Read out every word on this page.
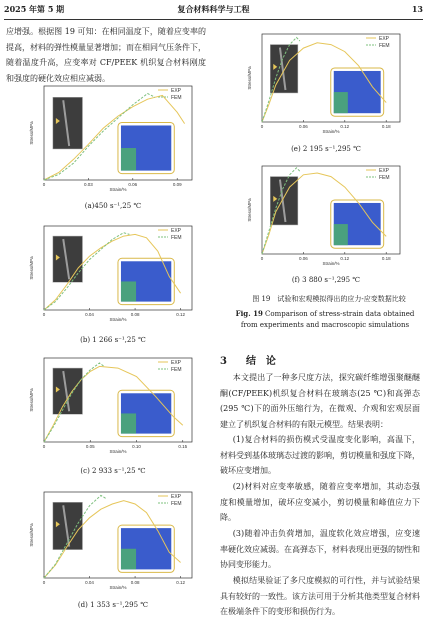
2025 年第 5 期	复合材料科学与工程	13
应增强。根据图 19 可知：在相同温度下，随着应变率的提高，材料的弹性模量显著增加；而在相同气压条件下，随着温度升高，应变率对 CF/PEEK 机织复合材料刚度和强度的硬化效应相应减弱。
Stress/MPa
Strain/%
0	0.03	0.06	0.09
EXP
FEM
(a)450 s⁻¹,25 ℃
Stress/MPa
Strain/%
0	0.04	0.08	0.12
EXP
FEM
(b) 1 266 s⁻¹,25 ℃
Stress/MPa
Strain/%
0	0.05	0.10	0.15
EXP
FEM
(c) 2 933 s⁻¹,25 ℃
Stress/MPa
Strain/%
0	0.04	0.08	0.12
EXP
FEM
(d) 1 353 s⁻¹,295 ℃
Stress/MPa
Strain/%
0	0.06	0.12	0.18
EXP
FEM
(e) 2 195 s⁻¹,295 ℃
Stress/MPa
Strain/%
0	0.06	0.12	0.18
EXP
FEM
(f) 3 880 s⁻¹,295 ℃
图 19　试验和宏观模拟得出的应力-应变数据比较
Fig. 19 Comparison of stress-strain data obtained from experiments and macroscopic simulations
3 结　论
本文提出了一种多尺度方法，探究碳纤维增强聚醚醚酮(CF/PEEK)机织复合材料在玻璃态(25 ℃)和高弹态(295 ℃)下的面外压缩行为，在微观、介观和宏观层面建立了机织复合材料的有限元模型。结果表明：
(1)复合材料的损伤模式受温度变化影响，高温下，材料受到基体玻璃态过渡的影响，剪切模量和强度下降，破坏应变增加。
(2)材料对应变率敏感，随着应变率增加，其动态强度和模量增加，破坏应变减小，剪切模量和峰值应力下降。
(3)随着冲击负荷增加，温度软化效应增强，应变速率硬化效应减弱。在高弹态下，材料表现出更强的韧性和协同变形能力。
模拟结果验证了多尺度模拟的可行性，并与试验结果具有较好的一致性。该方法可用于分析其他类型复合材料在极端条件下的变形和损伤行为。
